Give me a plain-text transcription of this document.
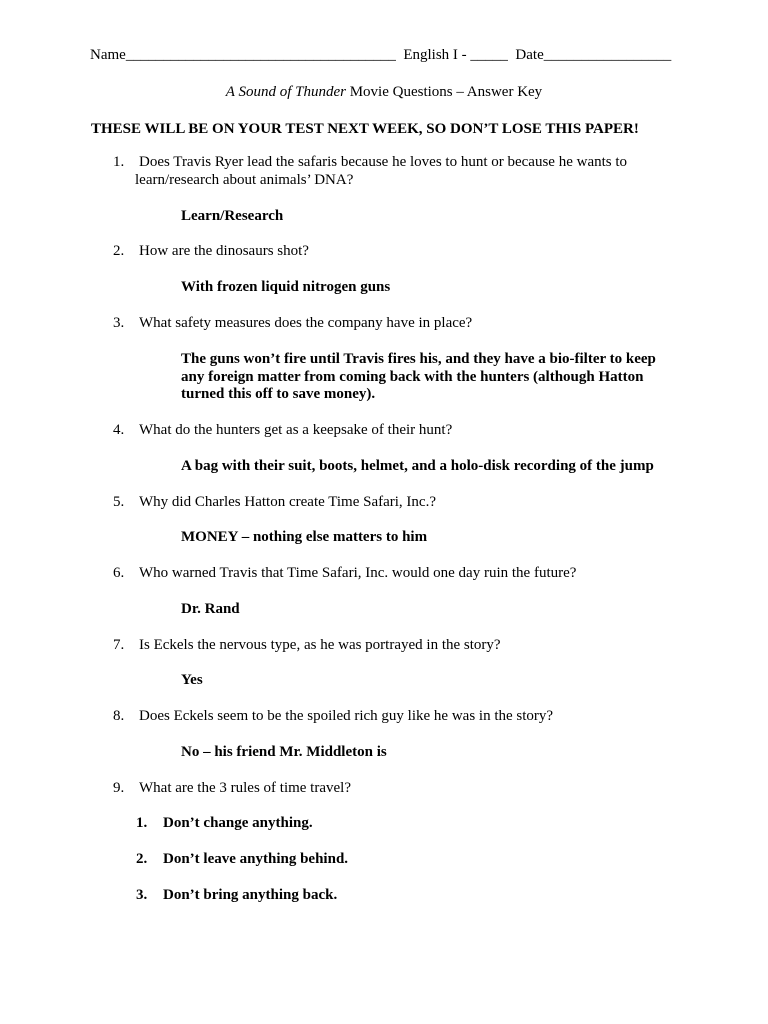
Name____________________________________ English I - _____ Date_________________
A Sound of Thunder Movie Questions – Answer Key
THESE WILL BE ON YOUR TEST NEXT WEEK, SO DON’T LOSE THIS PAPER!
1. Does Travis Ryer lead the safaris because he loves to hunt or because he wants to
learn/research about animals’ DNA?
Learn/Research
2. How are the dinosaurs shot?
With frozen liquid nitrogen guns
3. What safety measures does the company have in place?
The guns won’t fire until Travis fires his, and they have a bio-filter to keep
any foreign matter from coming back with the hunters (although Hatton
turned this off to save money).
4. What do the hunters get as a keepsake of their hunt?
A bag with their suit, boots, helmet, and a holo-disk recording of the jump
5. Why did Charles Hatton create Time Safari, Inc.?
MONEY – nothing else matters to him
6. Who warned Travis that Time Safari, Inc. would one day ruin the future?
Dr. Rand
7. Is Eckels the nervous type, as he was portrayed in the story?
Yes
8. Does Eckels seem to be the spoiled rich guy like he was in the story?
No – his friend Mr. Middleton is
9. What are the 3 rules of time travel?
1. Don’t change anything.
2. Don’t leave anything behind.
3. Don’t bring anything back.
